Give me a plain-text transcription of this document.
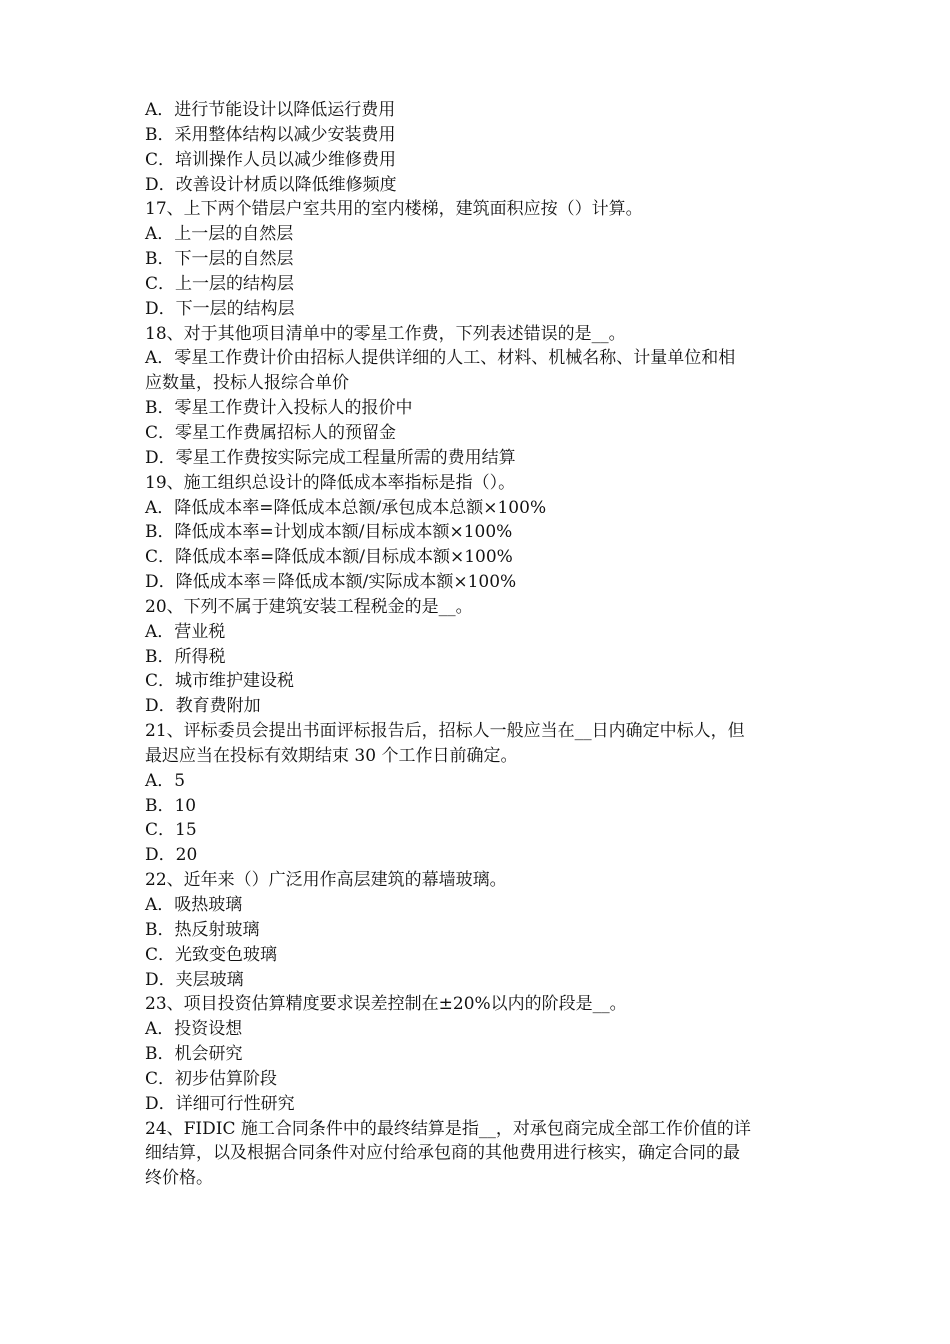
A．进行节能设计以降低运行费用
B．采用整体结构以减少安装费用
C．培训操作人员以减少维修费用
D．改善设计材质以降低维修频度
17、上下两个错层户室共用的室内楼梯，建筑面积应按（）计算。
A．上一层的自然层
B．下一层的自然层
C．上一层的结构层
D．下一层的结构层
18、对于其他项目清单中的零星工作费，下列表述错误的是__。
A．零星工作费计价由招标人提供详细的人工、材料、机械名称、计量单位和相
应数量，投标人报综合单价
B．零星工作费计入投标人的报价中
C．零星工作费属招标人的预留金
D．零星工作费按实际完成工程量所需的费用结算
19、施工组织总设计的降低成本率指标是指（）。
A．降低成本率=降低成本总额/承包成本总额×100%
B．降低成本率=计划成本额/目标成本额×100%
C．降低成本率=降低成本额/目标成本额×100%
D．降低成本率＝降低成本额/实际成本额×100%
20、下列不属于建筑安装工程税金的是__。
A．营业税
B．所得税
C．城市维护建设税
D．教育费附加
21、评标委员会提出书面评标报告后，招标人一般应当在__日内确定中标人，但
最迟应当在投标有效期结束 30 个工作日前确定。
A．5
B．10
C．15
D．20
22、近年来（）广泛用作高层建筑的幕墙玻璃。
A．吸热玻璃
B．热反射玻璃
C．光致变色玻璃
D．夹层玻璃
23、项目投资估算精度要求误差控制在±20%以内的阶段是__。
A．投资设想
B．机会研究
C．初步估算阶段
D．详细可行性研究
24、FIDIC 施工合同条件中的最终结算是指__，对承包商完成全部工作价值的详
细结算，以及根据合同条件对应付给承包商的其他费用进行核实，确定合同的最
终价格。
